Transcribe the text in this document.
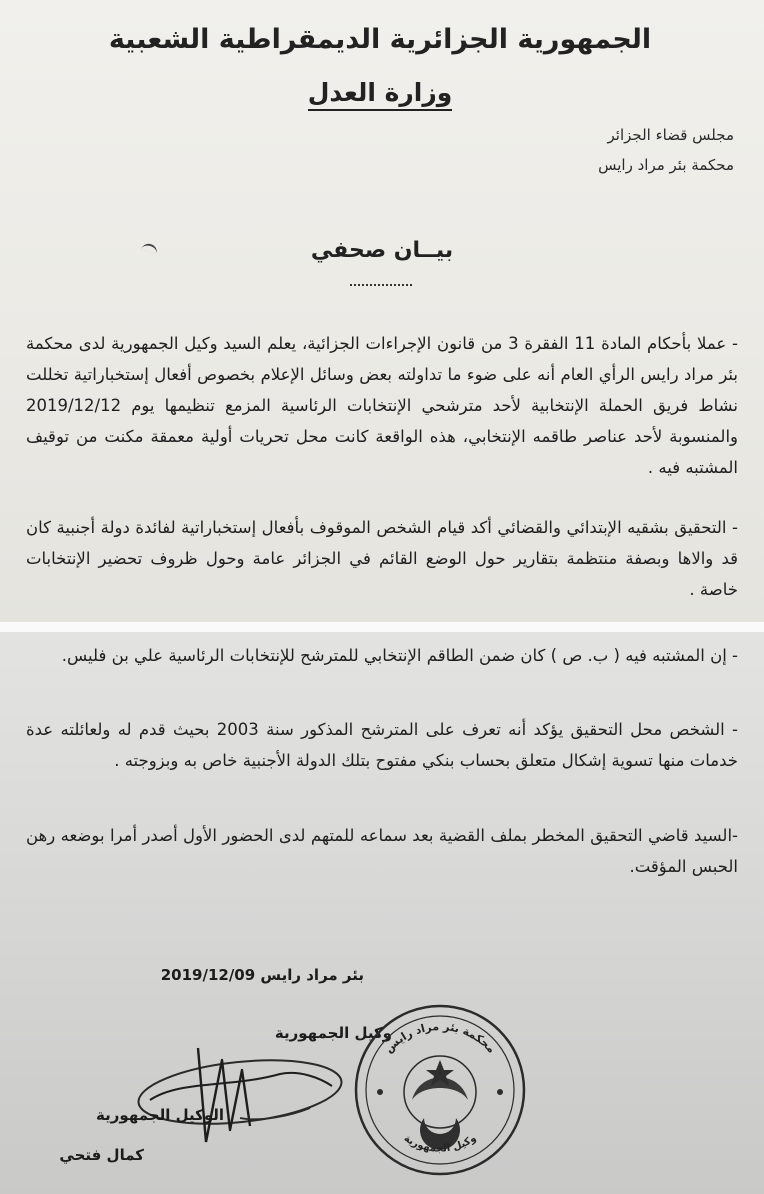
الجمهورية الجزائرية الديمقراطية الشعبية
وزارة العدل
مجلس قضاء الجزائر
محكمة بئر مراد رايس
بيــان صحفي

- عملا بأحكام المادة 11 الفقرة 3 من قانون الإجراءات الجزائية، يعلم السيد وكيل الجمهورية لدى محكمة بئر مراد رايس الرأي العام أنه على ضوء ما تداولته بعض وسائل الإعلام بخصوص أفعال إستخباراتية تخللت نشاط فريق الحملة الإنتخابية لأحد مترشحي الإنتخابات الرئاسية المزمع تنظيمها يوم 2019/12/12 والمنسوبة لأحد عناصر طاقمه الإنتخابي، هذه الواقعة كانت محل تحريات أولية معمقة مكنت من توقيف المشتبه فيه .

- التحقيق بشقيه الإبتدائي والقضائي أكد قيام الشخص الموقوف بأفعال إستخباراتية لفائدة دولة أجنبية كان قد والاها وبصفة منتظمة بتقارير حول الوضع القائم في الجزائر عامة وحول ظروف تحضير الإنتخابات خاصة .

- إن المشتبه فيه ( ب. ص ) كان ضمن الطاقم الإنتخابي للمترشح للإنتخابات الرئاسية علي بن فليس.

- الشخص محل التحقيق يؤكد أنه تعرف على المترشح المذكور سنة 2003 بحيث قدم له ولعائلته عدة خدمات منها تسوية إشكال متعلق بحساب بنكي مفتوح بتلك الدولة الأجنبية خاص به وبزوجته .

-السيد قاضي التحقيق المخطر بملف القضية بعد سماعه للمتهم لدى الحضور الأول أصدر أمرا بوضعه رهن الحبس المؤقت.

بئر مراد رايس 2019/12/09
وكيل الجمهورية
الوكيل الجمهورية
كمال فتحي
محكمة بئر مراد رايس
وكيل الجمهورية
